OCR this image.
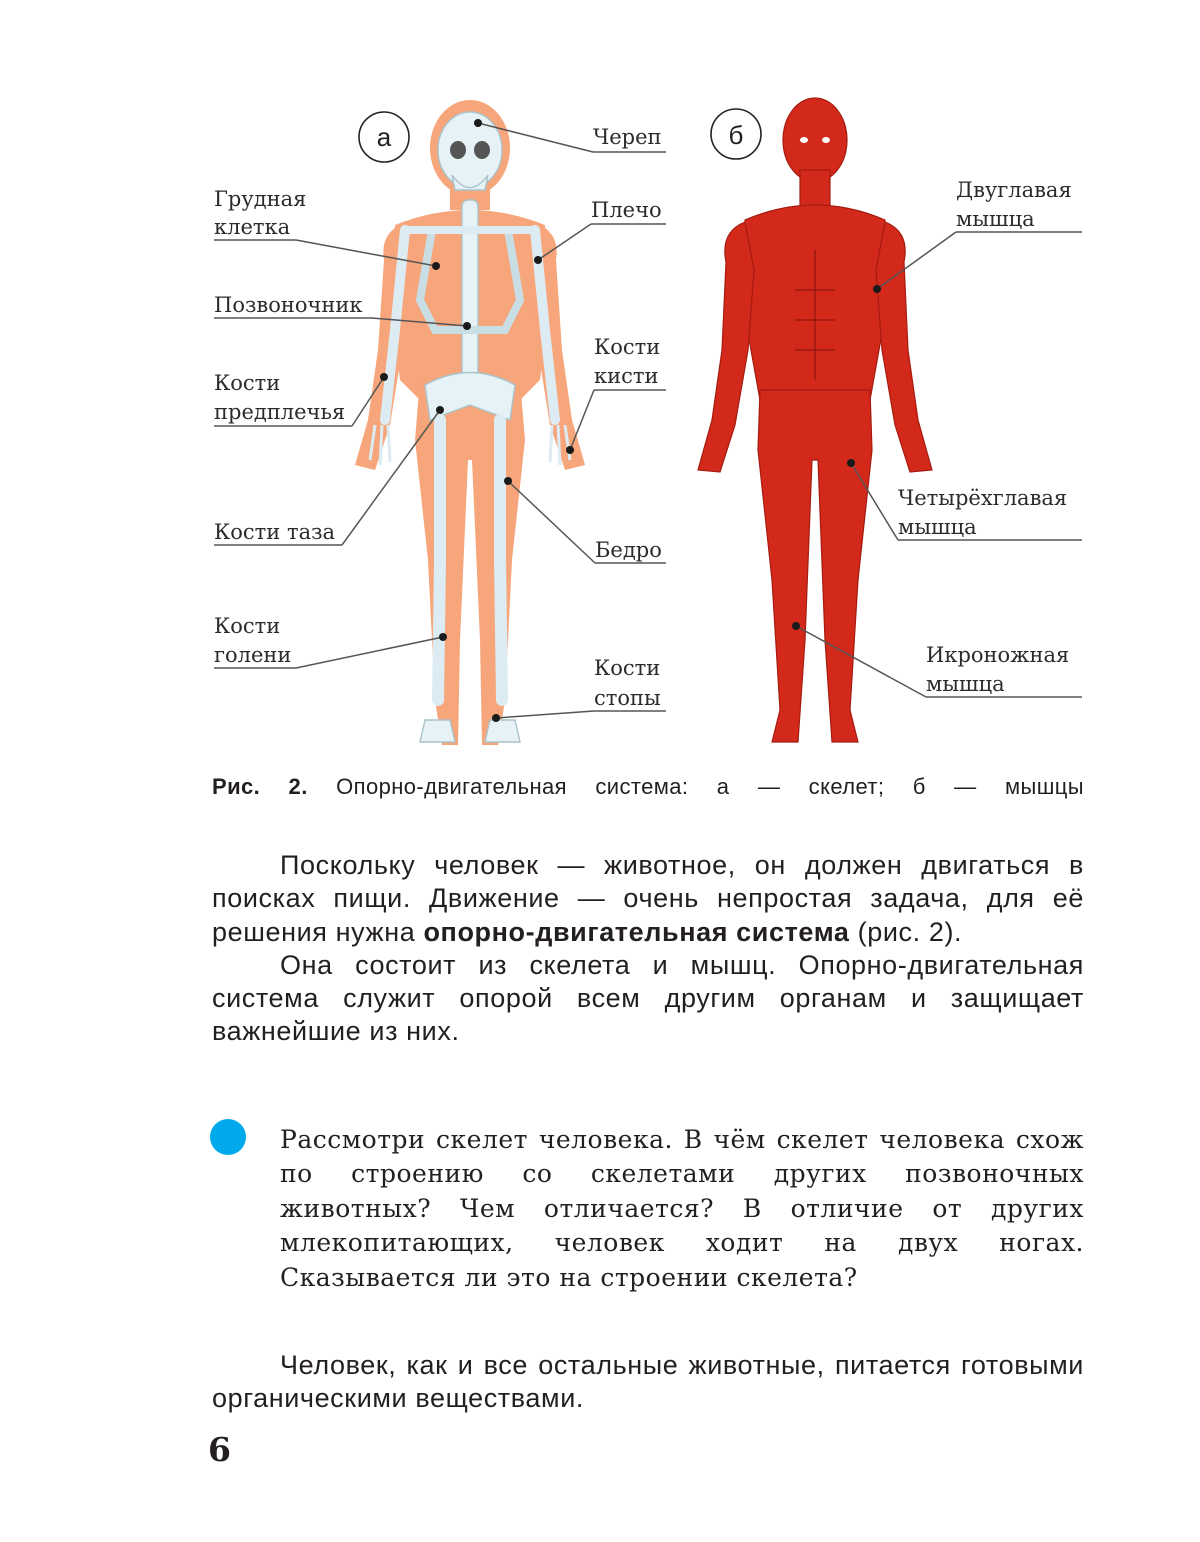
а	б
Череп
Грудная
клетка
Плечо
Позвоночник
Кости
кисти
Кости
предплечья
Кости таза
Бедро
Кости
голени
Кости
стопы
Двуглавая
мышца
Четырёхглавая
мышца
Икроножная
мышца
Рис. 2. Опорно-двигательная система: а — скелет; б — мышцы

Поскольку человек — животное, он должен двигаться в поисках пищи. Движение — очень непростая задача, для её решения нужна опорно-двигательная система (рис. 2).

Она состоит из скелета и мышц. Опорно-двигательная система служит опорой всем другим органам и защищает важнейшие из них.

Рассмотри скелет человека. В чём скелет человека схож по строению со скелетами других позвоночных животных? Чем отличается? В отличие от других млекопитающих, человек ходит на двух ногах. Сказывается ли это на строении скелета?

Человек, как и все остальные животные, питается готовыми органическими веществами.

6
